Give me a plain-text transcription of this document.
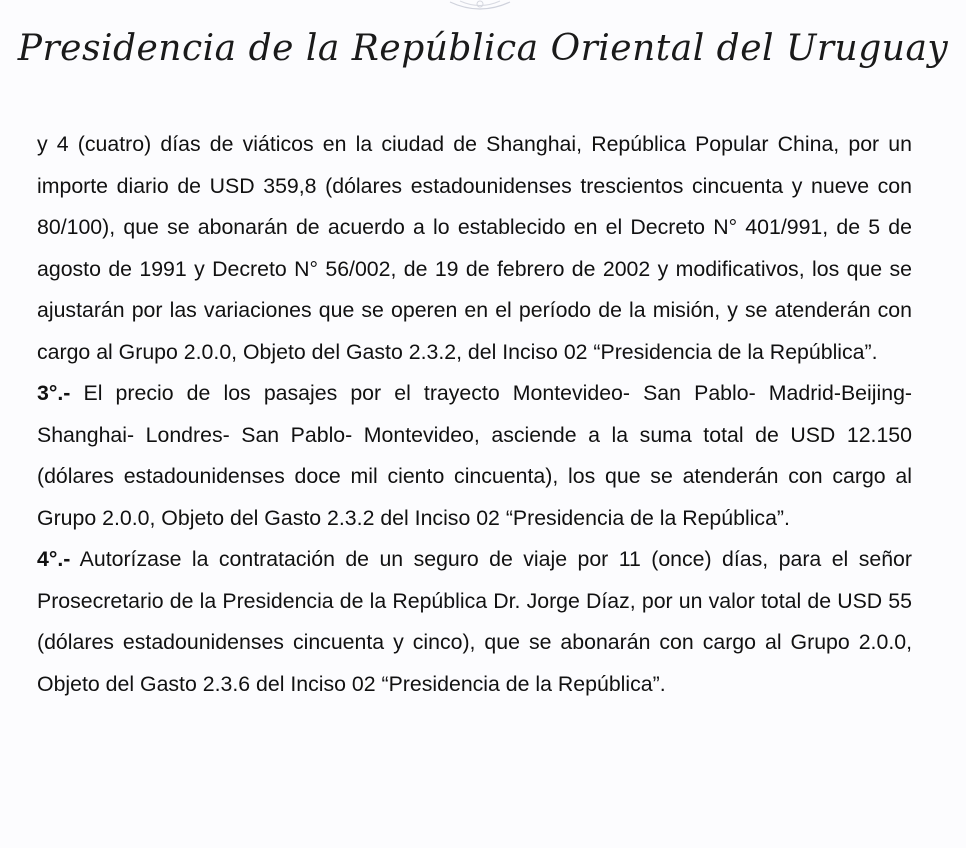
Presidencia de la República Oriental del Uruguay

y 4 (cuatro) días de viáticos en la ciudad de Shanghai, República Popular China, por un importe diario de USD 359,8 (dólares estadounidenses trescientos cincuenta y nueve con 80/100), que se abonarán de acuerdo a lo establecido en el Decreto N° 401/991, de 5 de agosto de 1991 y Decreto N° 56/002, de 19 de febrero de 2002 y modificativos, los que se ajustarán por las variaciones que se operen en el período de la misión, y se atenderán con cargo al Grupo 2.0.0, Objeto del Gasto 2.3.2, del Inciso 02 “Presidencia de la República”.

3°.- El precio de los pasajes por el trayecto Montevideo- San Pablo- Madrid-Beijing- Shanghai- Londres- San Pablo- Montevideo, asciende a la suma total de USD 12.150 (dólares estadounidenses doce mil ciento cincuenta), los que se atenderán con cargo al Grupo 2.0.0, Objeto del Gasto 2.3.2 del Inciso 02 “Presidencia de la República”.

4°.- Autorízase la contratación de un seguro de viaje por 11 (once) días, para el señor Prosecretario de la Presidencia de la República Dr. Jorge Díaz, por un valor total de USD 55 (dólares estadounidenses cincuenta y cinco), que se abonarán con cargo al Grupo 2.0.0, Objeto del Gasto 2.3.6 del Inciso 02 “Presidencia de la República”.
